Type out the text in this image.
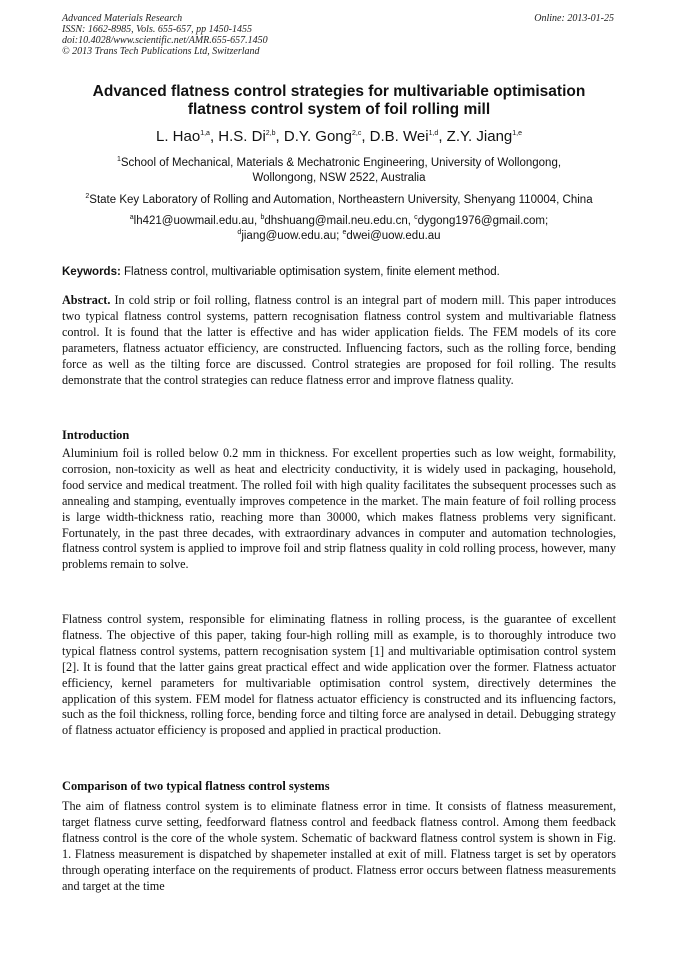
Advanced Materials Research
ISSN: 1662-8985, Vols. 655-657, pp 1450-1455
doi:10.4028/www.scientific.net/AMR.655-657.1450
© 2013 Trans Tech Publications Ltd, Switzerland
Online: 2013-01-25
Advanced flatness control strategies for multivariable optimisation
flatness control system of foil rolling mill
L. Hao$^{1,a}$, H.S. Di$^{2,b}$, D.Y. Gong$^{2,c}$, D.B. Wei$^{1,d}$, Z.Y. Jiang$^{1,e}$
$^1$School of Mechanical, Materials & Mechatronic Engineering, University of Wollongong,
Wollongong, NSW 2522, Australia
$^2$State Key Laboratory of Rolling and Automation, Northeastern University, Shenyang 110004, China
$^a$lh421@uowmail.edu.au, $^b$dhshuang@mail.neu.edu.cn, $^c$dygong1976@gmail.com;
$^d$jiang@uow.edu.au; $^e$dwei@uow.edu.au
Keywords: Flatness control, multivariable optimisation system, finite element method.
Abstract. In cold strip or foil rolling, flatness control is an integral part of modern mill. This paper introduces two typical flatness control systems, pattern recognisation flatness control system and multivariable flatness control. It is found that the latter is effective and has wider application fields. The FEM models of its core parameters, flatness actuator efficiency, are constructed. Influencing factors, such as the rolling force, bending force as well as the tilting force are discussed. Control strategies are proposed for foil rolling. The results demonstrate that the control strategies can reduce flatness error and improve flatness quality.
Introduction
Aluminium foil is rolled below 0.2 mm in thickness. For excellent properties such as low weight, formability, corrosion, non-toxicity as well as heat and electricity conductivity, it is widely used in packaging, household, food service and medical treatment. The rolled foil with high quality facilitates the subsequent processes such as annealing and stamping, eventually improves competence in the market. The main feature of foil rolling process is large width-thickness ratio, reaching more than 30000, which makes flatness problems very significant. Fortunately, in the past three decades, with extraordinary advances in computer and automation technologies, flatness control system is applied to improve foil and strip flatness quality in cold rolling process, however, many problems remain to solve.
Flatness control system, responsible for eliminating flatness in rolling process, is the guarantee of excellent flatness. The objective of this paper, taking four-high rolling mill as example, is to thoroughly introduce two typical flatness control systems, pattern recognisation system [1] and multivariable optimisation control system [2]. It is found that the latter gains great practical effect and wide application over the former. Flatness actuator efficiency, kernel parameters for multivariable optimisation control system, directively determines the application of this system. FEM model for flatness actuator efficiency is constructed and its influencing factors, such as the foil thickness, rolling force, bending force and tilting force are analysed in detail. Debugging strategy of flatness actuator efficiency is proposed and applied in practical production.
Comparison of two typical flatness control systems
The aim of flatness control system is to eliminate flatness error in time. It consists of flatness measurement, target flatness curve setting, feedforward flatness control and feedback flatness control. Among them feedback flatness control is the core of the whole system. Schematic of backward flatness control system is shown in Fig. 1. Flatness measurement is dispatched by shapemeter installed at exit of mill. Flatness target is set by operators through operating interface on the requirements of product. Flatness error occurs between flatness measurements and target at the time
